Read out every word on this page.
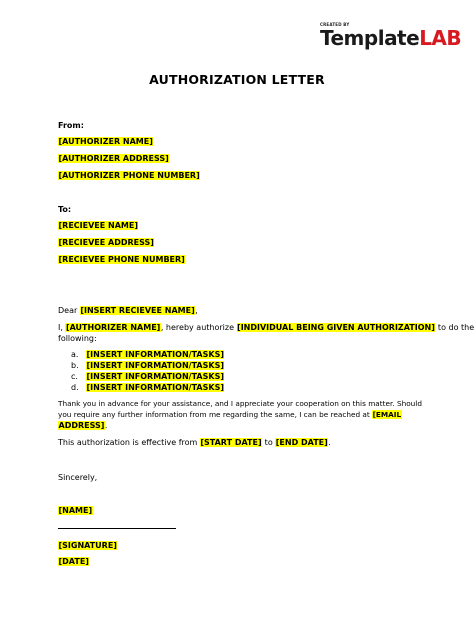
CREATED BY
TemplateLAB
AUTHORIZATION LETTER
From:
[AUTHORIZER NAME]
[AUTHORIZER ADDRESS]
[AUTHORIZER PHONE NUMBER]
To:
[RECIEVEE NAME]
[RECIEVEE ADDRESS]
[RECIEVEE PHONE NUMBER]
Dear [INSERT RECIEVEE NAME],
I, [AUTHORIZER NAME], hereby authorize [INDIVIDUAL BEING GIVEN AUTHORIZATION] to do the
following:
a. [INSERT INFORMATION/TASKS]
b. [INSERT INFORMATION/TASKS]
c. [INSERT INFORMATION/TASKS]
d. [INSERT INFORMATION/TASKS]
Thank you in advance for your assistance, and I appreciate your cooperation on this matter. Should
you require any further information from me regarding the same, I can be reached at [EMAIL
ADDRESS].
This authorization is effective from [START DATE] to [END DATE].
Sincerely,
[NAME]
[SIGNATURE]
[DATE]
